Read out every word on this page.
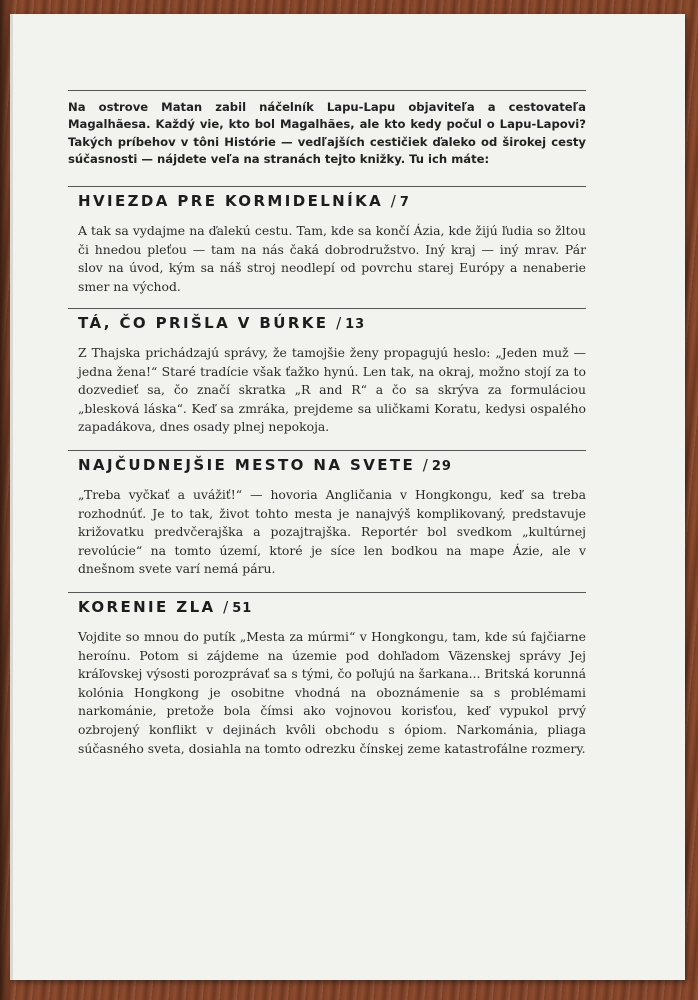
Na ostrove Matan zabil náčelník Lapu-Lapu objaviteľa a cestovateľa Magalhãesa. Každý vie, kto bol Magalhães, ale kto kedy počul o Lapu-Lapovi? Takých príbehov v tôni Histórie — vedľajších cestičiek ďaleko od širokej cesty súčasnosti — nájdete veľa na stranách tejto knižky. Tu ich máte:
HVIEZDA PRE KORMIDELNÍKA / 7

A tak sa vydajme na ďalekú cestu. Tam, kde sa končí Ázia, kde žijú ľudia so žltou či hnedou pleťou — tam na nás čaká dobrodružstvo. Iný kraj — iný mrav. Pár slov na úvod, kým sa náš stroj neodlepí od povrchu starej Európy a nenaberie smer na východ.

TÁ, ČO PRIŠLA V BÚRKE / 13

Z Thajska prichádzajú správy, že tamojšie ženy propagujú heslo: „Jeden muž — jedna žena!“ Staré tradície však ťažko hynú. Len tak, na okraj, možno stojí za to dozvedieť sa, čo značí skratka „R and R“ a čo sa skrýva za formuláciou „blesková láska“. Keď sa zmráka, prejdeme sa uličkami Koratu, kedysi ospalého zapadákova, dnes osady plnej nepokoja.

NAJČUDNEJŠIE MESTO NA SVETE / 29

„Treba vyčkať a uvážiť!“ — hovoria Angličania v Hongkongu, keď sa treba rozhodnúť. Je to tak, život tohto mesta je nanajvýš komplikovaný, predstavuje križovatku predvčerajška a pozajtrajška. Reportér bol svedkom „kultúrnej revolúcie“ na tomto území, ktoré je síce len bodkou na mape Ázie, ale v dnešnom svete varí nemá páru.

KORENIE ZLA / 51

Vojdite so mnou do putík „Mesta za múrmi“ v Hongkongu, tam, kde sú fajčiarne heroínu. Potom si zájdeme na územie pod dohľadom Väzenskej správy Jej kráľovskej výsosti porozprávať sa s tými, čo poľujú na šarkana... Britská korunná kolónia Hongkong je osobitne vhodná na oboznámenie sa s problémami narkománie, pretože bola čímsi ako vojnovou korisťou, keď vypukol prvý ozbrojený konflikt v dejinách kvôli obchodu s ópiom. Narkománia, pliaga súčasného sveta, dosiahla na tomto odrezku čínskej zeme katastrofálne rozmery.
